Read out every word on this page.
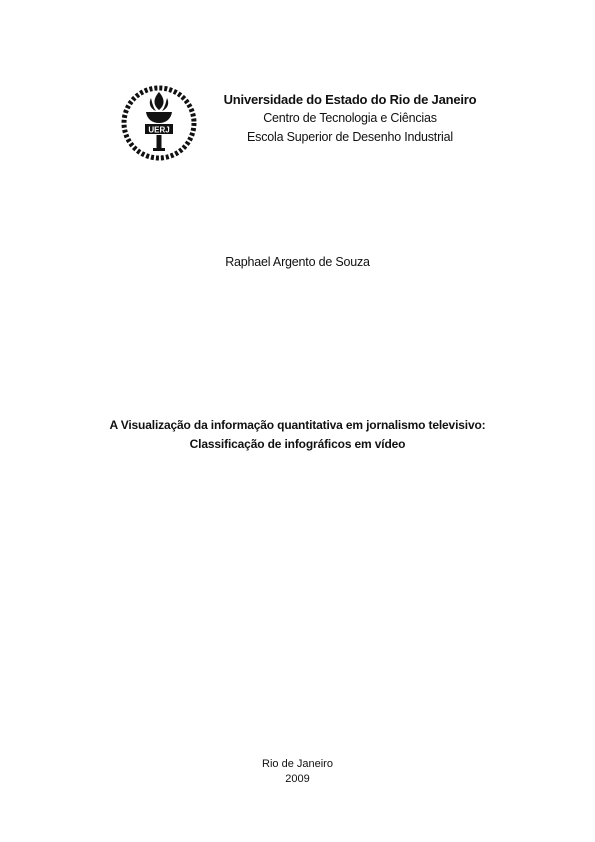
UERJ
Universidade do Estado do Rio de Janeiro
Centro de Tecnologia e Ciências
Escola Superior de Desenho Industrial
Raphael Argento de Souza
A Visualização da informação quantitativa em jornalismo televisivo:
Classificação de infográficos em vídeo
Rio de Janeiro
2009
